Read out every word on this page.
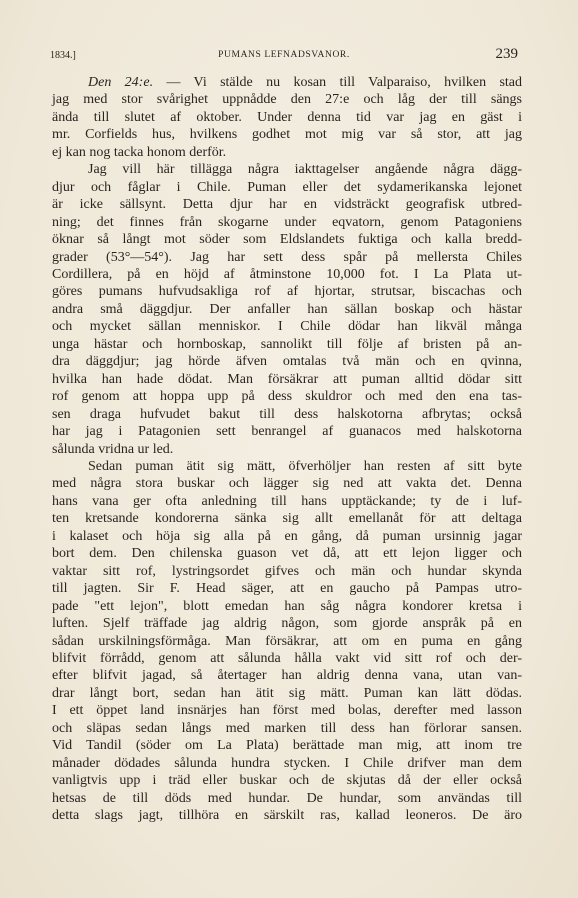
1834.]	PUMANS LEFNADSVANOR.	239
Den 24:e. — Vi stälde nu kosan till Valparaiso, hvilken stad
jag med stor svårighet uppnådde den 27:e och låg der till sängs
ända till slutet af oktober. Under denna tid var jag en gäst i
mr. Corfields hus, hvilkens godhet mot mig var så stor, att jag
ej kan nog tacka honom derför.
Jag vill här tillägga några iakttagelser angående några dägg-
djur och fåglar i Chile. Puman eller det sydamerikanska lejonet
är icke sällsynt. Detta djur har en vidsträckt geografisk utbred-
ning; det finnes från skogarne under eqvatorn, genom Patagoniens
öknar så långt mot söder som Eldslandets fuktiga och kalla bredd-
grader (53°—54°). Jag har sett dess spår på mellersta Chiles
Cordillera, på en höjd af åtminstone 10,000 fot. I La Plata ut-
göres pumans hufvudsakliga rof af hjortar, strutsar, biscachas och
andra små däggdjur. Der anfaller han sällan boskap och hästar
och mycket sällan menniskor. I Chile dödar han likväl många
unga hästar och hornboskap, sannolikt till följe af bristen på an-
dra däggdjur; jag hörde äfven omtalas två män och en qvinna,
hvilka han hade dödat. Man försäkrar att puman alltid dödar sitt
rof genom att hoppa upp på dess skuldror och med den ena tas-
sen draga hufvudet bakut till dess halskotorna afbrytas; också
har jag i Patagonien sett benrangel af guanacos med halskotorna
sålunda vridna ur led.
Sedan puman ätit sig mätt, öfverhöljer han resten af sitt byte
med några stora buskar och lägger sig ned att vakta det. Denna
hans vana ger ofta anledning till hans upptäckande; ty de i luf-
ten kretsande kondorerna sänka sig allt emellanåt för att deltaga
i kalaset och höja sig alla på en gång, då puman ursinnig jagar
bort dem. Den chilenska guason vet då, att ett lejon ligger och
vaktar sitt rof, lystringsordet gifves och män och hundar skynda
till jagten. Sir F. Head säger, att en gaucho på Pampas utro-
pade "ett lejon", blott emedan han såg några kondorer kretsa i
luften. Sjelf träffade jag aldrig någon, som gjorde anspråk på en
sådan urskilningsförmåga. Man försäkrar, att om en puma en gång
blifvit förrådd, genom att sålunda hålla vakt vid sitt rof och der-
efter blifvit jagad, så återtager han aldrig denna vana, utan van-
drar långt bort, sedan han ätit sig mätt. Puman kan lätt dödas.
I ett öppet land insnärjes han först med bolas, derefter med lasson
och släpas sedan långs med marken till dess han förlorar sansen.
Vid Tandil (söder om La Plata) berättade man mig, att inom tre
månader dödades sålunda hundra stycken. I Chile drifver man dem
vanligtvis upp i träd eller buskar och de skjutas då der eller också
hetsas de till döds med hundar. De hundar, som användas till
detta slags jagt, tillhöra en särskilt ras, kallad leoneros. De äro
